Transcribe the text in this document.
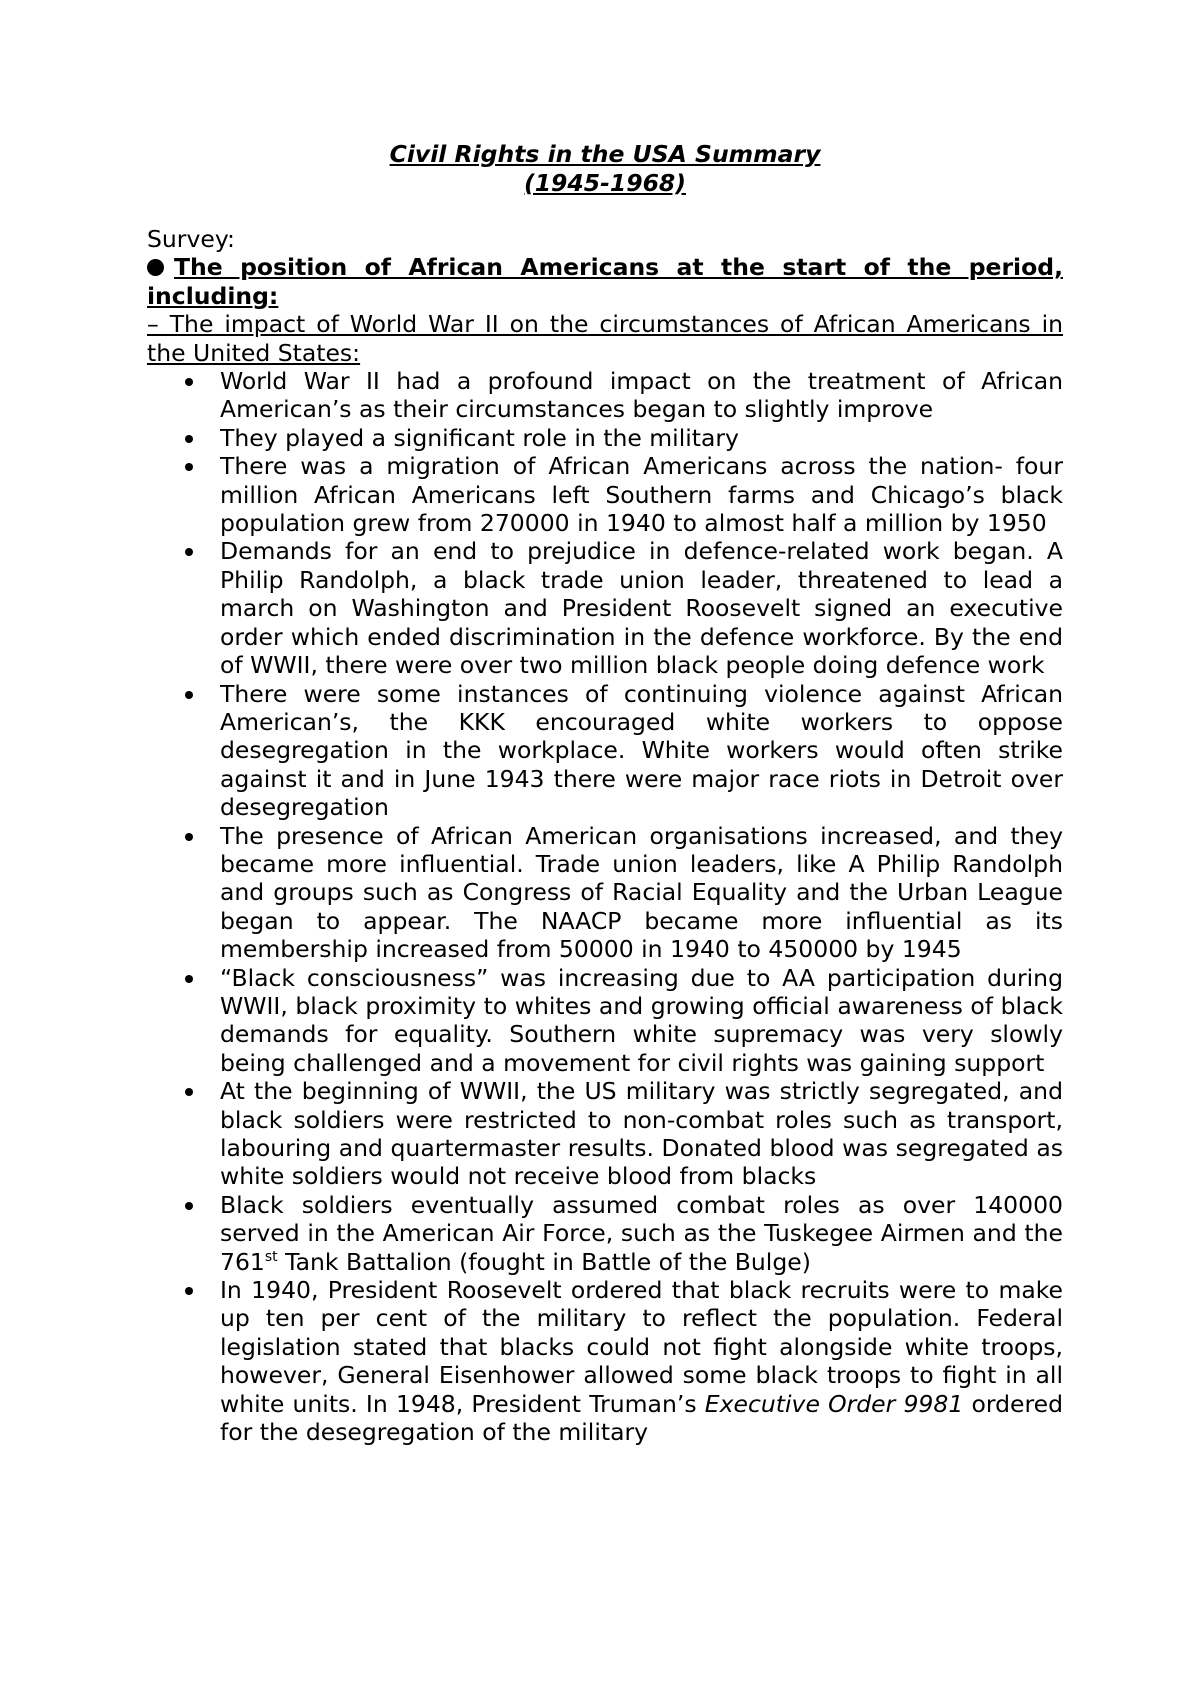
Civil Rights in the USA Summary

(1945-1968)

Survey:

The position of African Americans at the start of the period, including:

– The impact of World War II on the circumstances of African Americans in the United States:

World War II had a profound impact on the treatment of African American’s as their circumstances began to slightly improve
They played a significant role in the military
There was a migration of African Americans across the nation- four million African Americans left Southern farms and Chicago’s black population grew from 270000 in 1940 to almost half a million by 1950
Demands for an end to prejudice in defence-related work began. A Philip Randolph, a black trade union leader, threatened to lead a march on Washington and President Roosevelt signed an executive order which ended discrimination in the defence workforce. By the end of WWII, there were over two million black people doing defence work
There were some instances of continuing violence against African American’s, the KKK encouraged white workers to oppose desegregation in the workplace. White workers would often strike against it and in June 1943 there were major race riots in Detroit over desegregation
The presence of African American organisations increased, and they became more influential. Trade union leaders, like A Philip Randolph and groups such as Congress of Racial Equality and the Urban League began to appear. The NAACP became more influential as its membership increased from 50000 in 1940 to 450000 by 1945
“Black consciousness” was increasing due to AA participation during WWII, black proximity to whites and growing official awareness of black demands for equality. Southern white supremacy was very slowly being challenged and a movement for civil rights was gaining support
At the beginning of WWII, the US military was strictly segregated, and black soldiers were restricted to non-combat roles such as transport, labouring and quartermaster results. Donated blood was segregated as white soldiers would not receive blood from blacks
Black soldiers eventually assumed combat roles as over 140000 served in the American Air Force, such as the Tuskegee Airmen and the 761st Tank Battalion (fought in Battle of the Bulge)
In 1940, President Roosevelt ordered that black recruits were to make up ten per cent of the military to reflect the population. Federal legislation stated that blacks could not fight alongside white troops, however, General Eisenhower allowed some black troops to fight in all white units. In 1948, President Truman’s Executive Order 9981 ordered for the desegregation of the military
